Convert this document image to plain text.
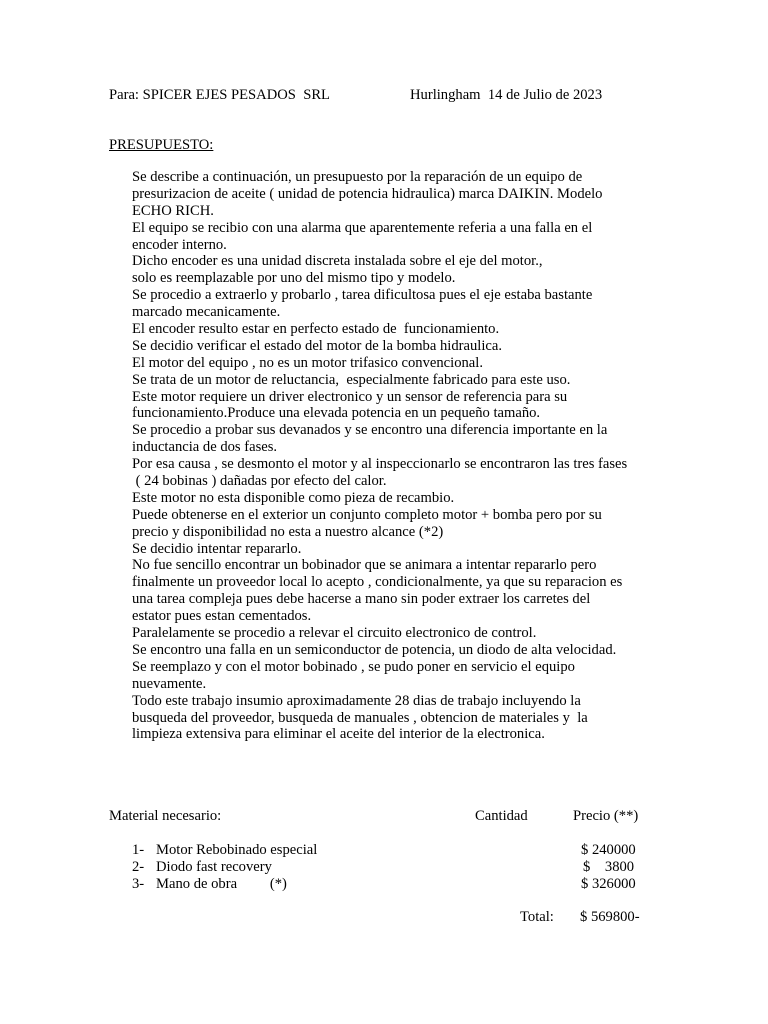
Para: SPICER EJES PESADOS  SRL	Hurlingham  14 de Julio de 2023
PRESUPUESTO:
Se describe a continuación, un presupuesto por la reparación de un equipo de
presurizacion de aceite ( unidad de potencia hidraulica) marca DAIKIN. Modelo
ECHO RICH.
El equipo se recibio con una alarma que aparentemente referia a una falla en el
encoder interno.
Dicho encoder es una unidad discreta instalada sobre el eje del motor.,
solo es reemplazable por uno del mismo tipo y modelo.
Se procedio a extraerlo y probarlo , tarea dificultosa pues el eje estaba bastante
marcado mecanicamente.
El encoder resulto estar en perfecto estado de  funcionamiento.
Se decidio verificar el estado del motor de la bomba hidraulica.
El motor del equipo , no es un motor trifasico convencional.
Se trata de un motor de reluctancia,  especialmente fabricado para este uso.
Este motor requiere un driver electronico y un sensor de referencia para su
funcionamiento.Produce una elevada potencia en un pequeño tamaño.
Se procedio a probar sus devanados y se encontro una diferencia importante en la
inductancia de dos fases.
Por esa causa , se desmonto el motor y al inspeccionarlo se encontraron las tres fases
( 24 bobinas ) dañadas por efecto del calor.
Este motor no esta disponible como pieza de recambio.
Puede obtenerse en el exterior un conjunto completo motor + bomba pero por su
precio y disponibilidad no esta a nuestro alcance (*2)
Se decidio intentar repararlo.
No fue sencillo encontrar un bobinador que se animara a intentar repararlo pero
finalmente un proveedor local lo acepto , condicionalmente, ya que su reparacion es
una tarea compleja pues debe hacerse a mano sin poder extraer los carretes del
estator pues estan cementados.
Paralelamente se procedio a relevar el circuito electronico de control.
Se encontro una falla en un semiconductor de potencia, un diodo de alta velocidad.
Se reemplazo y con el motor bobinado , se pudo poner en servicio el equipo
nuevamente.
Todo este trabajo insumio aproximadamente 28 dias de trabajo incluyendo la
busqueda del proveedor, busqueda de manuales , obtencion de materiales y  la
limpieza extensiva para eliminar el aceite del interior de la electronica.
Material necesario:	Cantidad	Precio (**)
1- Motor Rebobinado especial	$ 240000
2- Diodo fast recovery	$    3800
3- Mano de obra         (*)	$ 326000
Total: $ 569800-
